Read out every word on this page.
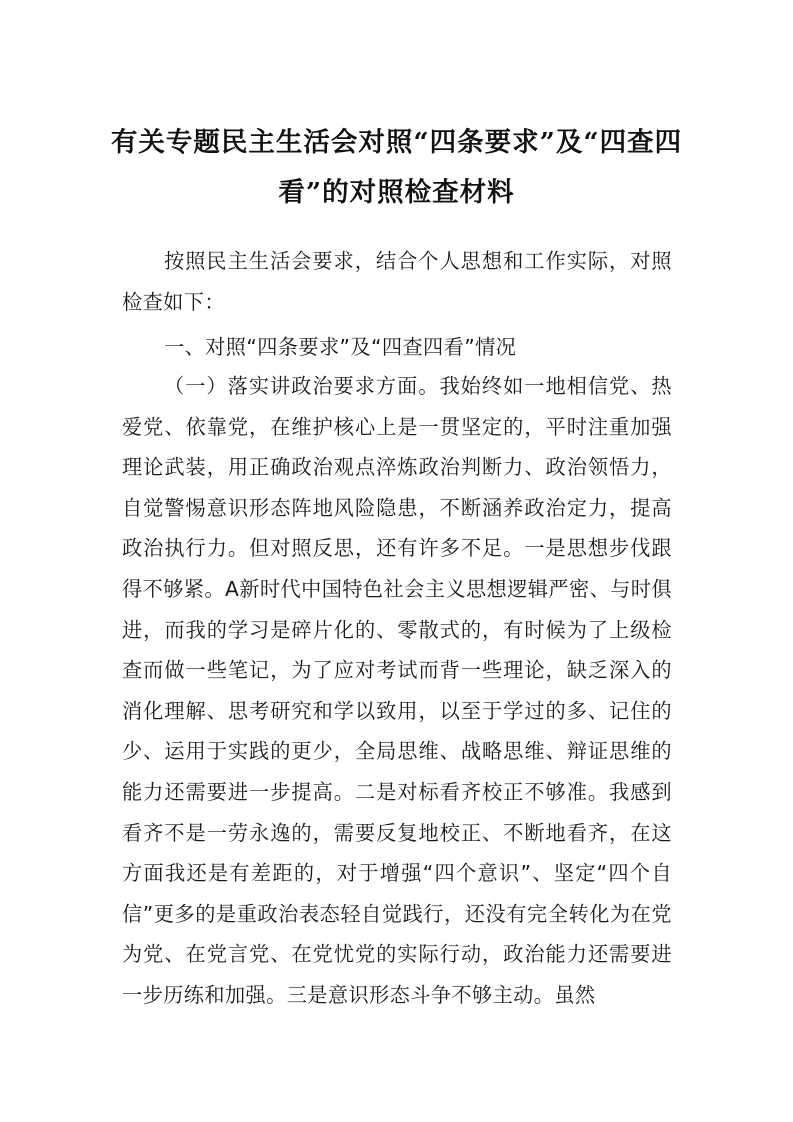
有关专题民主生活会对照“四条要求”及“四查四看”的对照检查材料

按照民主生活会要求，结合个人思想和工作实际，对照检查如下：

一、对照“四条要求”及“四查四看”情况

（一）落实讲政治要求方面。我始终如一地相信党、热爱党、依靠党，在维护核心上是一贯坚定的，平时注重加强理论武装，用正确政治观点淬炼政治判断力、政治领悟力，自觉警惕意识形态阵地风险隐患，不断涵养政治定力，提高政治执行力。但对照反思，还有许多不足。一是思想步伐跟得不够紧。A新时代中国特色社会主义思想逻辑严密、与时俱进，而我的学习是碎片化的、零散式的，有时候为了上级检查而做一些笔记，为了应对考试而背一些理论，缺乏深入的消化理解、思考研究和学以致用，以至于学过的多、记住的少、运用于实践的更少，全局思维、战略思维、辩证思维的能力还需要进一步提高。二是对标看齐校正不够准。我感到看齐不是一劳永逸的，需要反复地校正、不断地看齐，在这方面我还是有差距的，对于增强“四个意识”、坚定“四个自信”更多的是重政治表态轻自觉践行，还没有完全转化为在党为党、在党言党、在党忧党的实际行动，政治能力还需要进一步历练和加强。三是意识形态斗争不够主动。虽然
